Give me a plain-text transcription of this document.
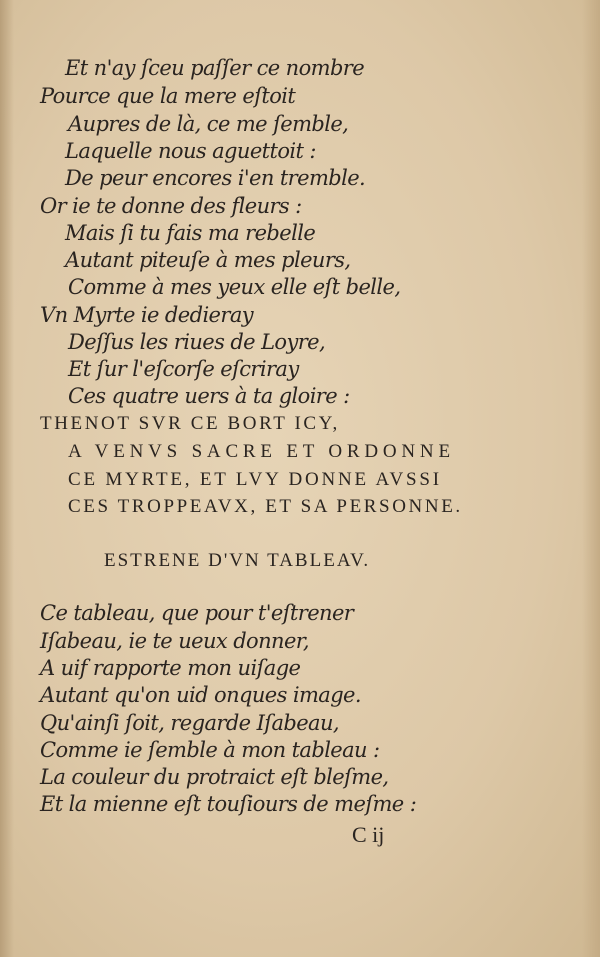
Et n'ay ſceu paſſer ce nombre
Pource que la mere eſtoit
Aupres de là, ce me ſemble,
Laquelle nous aguettoit :
De peur encores i'en tremble.
Or ie te donne des fleurs :
Mais ſi tu fais ma rebelle
Autant piteuſe à mes pleurs,
Comme à mes yeux elle eſt belle,
Vn Myrte ie dedieray
Deſſus les riues de Loyre,
Et ſur l'eſcorſe eſcriray
Ces quatre uers à ta gloire :
THENOT SVR CE BORT ICY,
A VENVS SACRE ET ORDONNE
CE MYRTE, ET LVY DONNE AVSSI
CES TROPPEAVX, ET SA PERSONNE.
ESTRENE D'VN TABLEAV.
Ce tableau, que pour t'eſtrener
Iſabeau, ie te ueux donner,
A uif rapporte mon uiſage
Autant qu'on uid onques image.
Qu'ainſi ſoit, regarde Iſabeau,
Comme ie ſemble à mon tableau :
La couleur du protraict eſt bleſme,
Et la mienne eſt touſiours de meſme :
C ij
